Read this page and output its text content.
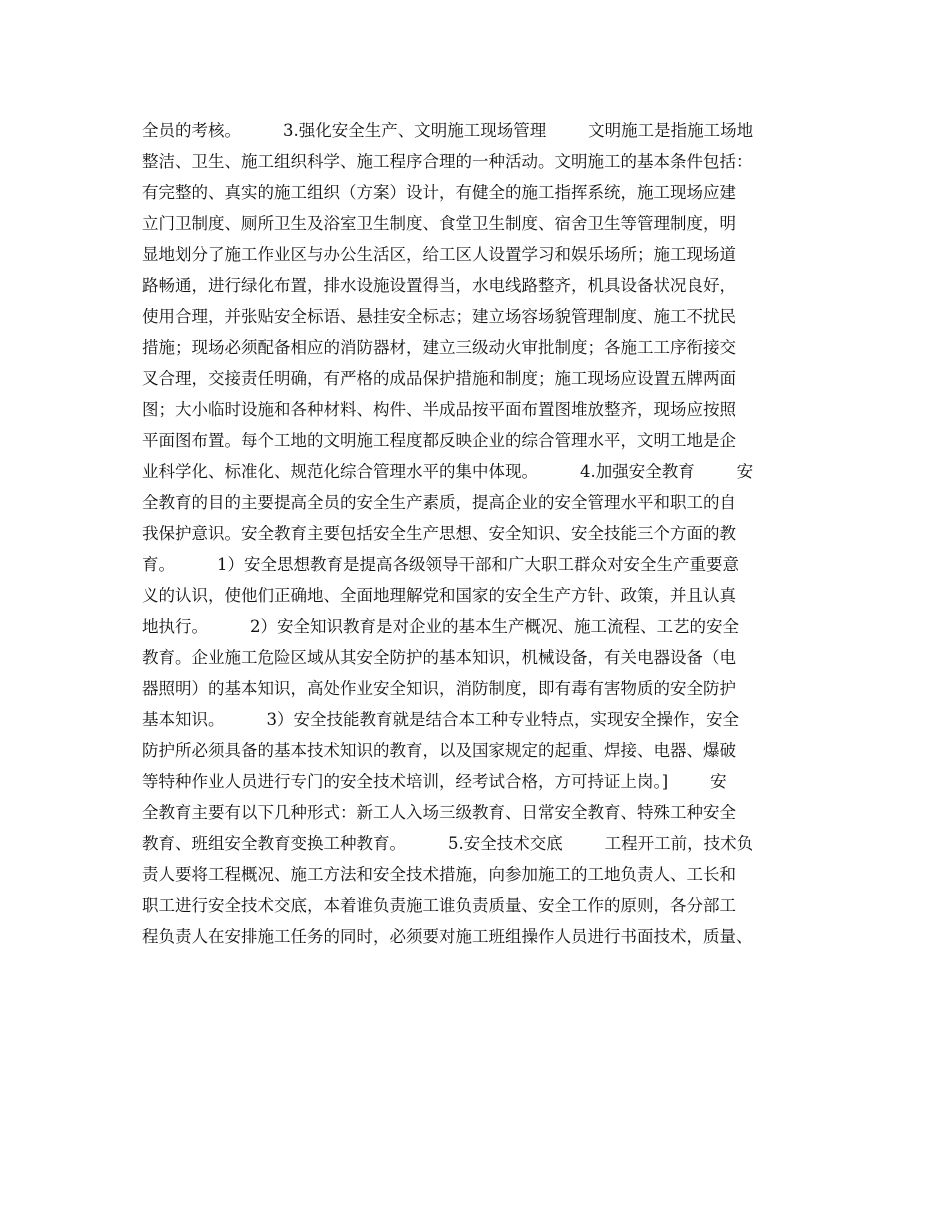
全员的考核。        3.强化安全生产、文明施工现场管理        文明施工是指施工场地
整洁、卫生、施工组织科学、施工程序合理的一种活动。文明施工的基本条件包括：
有完整的、真实的施工组织（方案）设计，有健全的施工指挥系统，施工现场应建
立门卫制度、厕所卫生及浴室卫生制度、食堂卫生制度、宿舍卫生等管理制度，明
显地划分了施工作业区与办公生活区，给工区人设置学习和娱乐场所；施工现场道
路畅通，进行绿化布置，排水设施设置得当，水电线路整齐，机具设备状况良好，
使用合理，并张贴安全标语、悬挂安全标志；建立场容场貌管理制度、施工不扰民
措施；现场必须配备相应的消防器材，建立三级动火审批制度；各施工工序衔接交
叉合理，交接责任明确，有严格的成品保护措施和制度；施工现场应设置五牌两面
图；大小临时设施和各种材料、构件、半成品按平面布置图堆放整齐，现场应按照
平面图布置。每个工地的文明施工程度都反映企业的综合管理水平，文明工地是企
业科学化、标准化、规范化综合管理水平的集中体现。        4.加强安全教育        安
全教育的目的主要提高全员的安全生产素质，提高企业的安全管理水平和职工的自
我保护意识。安全教育主要包括安全生产思想、安全知识、安全技能三个方面的教
育。        1）安全思想教育是提高各级领导干部和广大职工群众对安全生产重要意
义的认识，使他们正确地、全面地理解党和国家的安全生产方针、政策，并且认真
地执行。        2）安全知识教育是对企业的基本生产概况、施工流程、工艺的安全
教育。企业施工危险区域从其安全防护的基本知识，机械设备，有关电器设备（电
器照明）的基本知识，高处作业安全知识，消防制度，即有毒有害物质的安全防护
基本知识。        3）安全技能教育就是结合本工种专业特点，实现安全操作，安全
防护所必须具备的基本技术知识的教育，以及国家规定的起重、焊接、电器、爆破
等特种作业人员进行专门的安全技术培训，经考试合格，方可持证上岗。]        安
全教育主要有以下几种形式：新工人入场三级教育、日常安全教育、特殊工种安全
教育、班组安全教育变换工种教育。        5.安全技术交底        工程开工前，技术负
责人要将工程概况、施工方法和安全技术措施，向参加施工的工地负责人、工长和
职工进行安全技术交底，本着谁负责施工谁负责质量、安全工作的原则，各分部工
程负责人在安排施工任务的同时，必须要对施工班组操作人员进行书面技术，质量、
